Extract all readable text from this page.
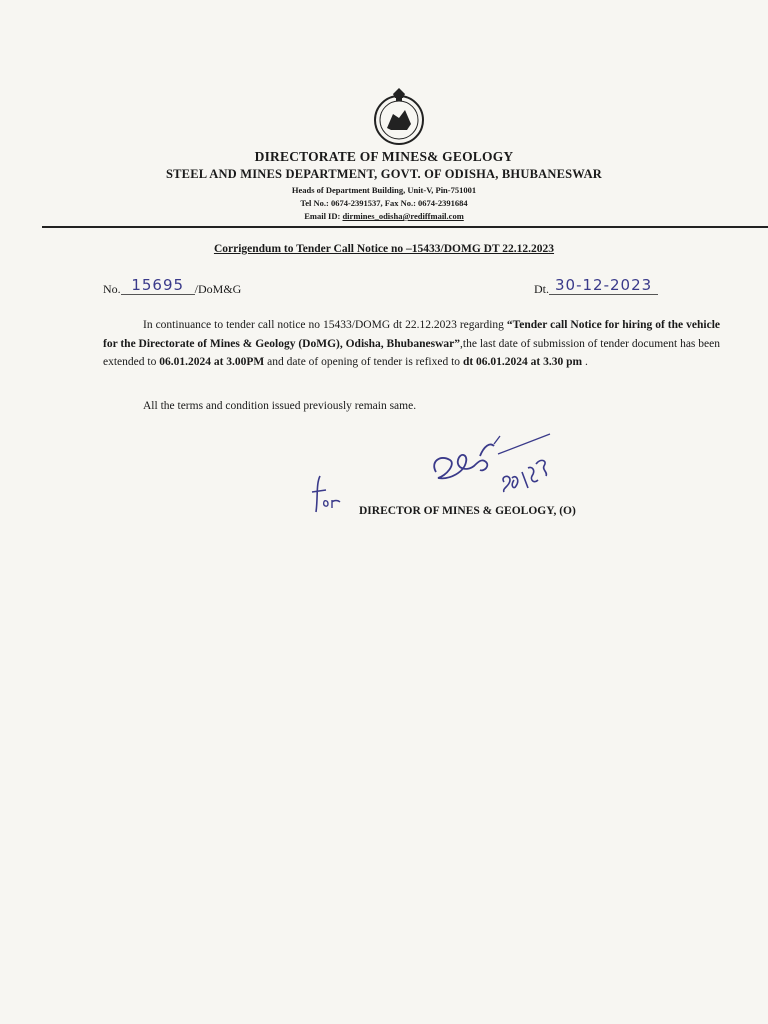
DIRECTORATE OF MINES& GEOLOGY

STEEL AND MINES DEPARTMENT, GOVT. OF ODISHA, BHUBANESWAR

Heads of Department Building, Unit-V, Pin-751001

Tel No.: 0674-2391537, Fax No.: 0674-2391684

Email ID: dirmines_odisha@rediffmail.com

Corrigendum to Tender Call Notice no –15433/DOMG DT 22.12.2023
No. 15695 /DoM&G	Dt. 30-12-2023

In continuance to tender call notice no 15433/DOMG dt 22.12.2023 regarding “Tender call Notice for hiring of the vehicle for the Directorate of Mines & Geology (DoMG), Odisha, Bhubaneswar”,the last date of submission of tender document has been extended to 06.01.2024 at 3.00PM and date of opening of tender is refixed to dt 06.01.2024 at 3.30 pm .

All the terms and condition issued previously remain same.

DIRECTOR OF MINES & GEOLOGY, (O)
